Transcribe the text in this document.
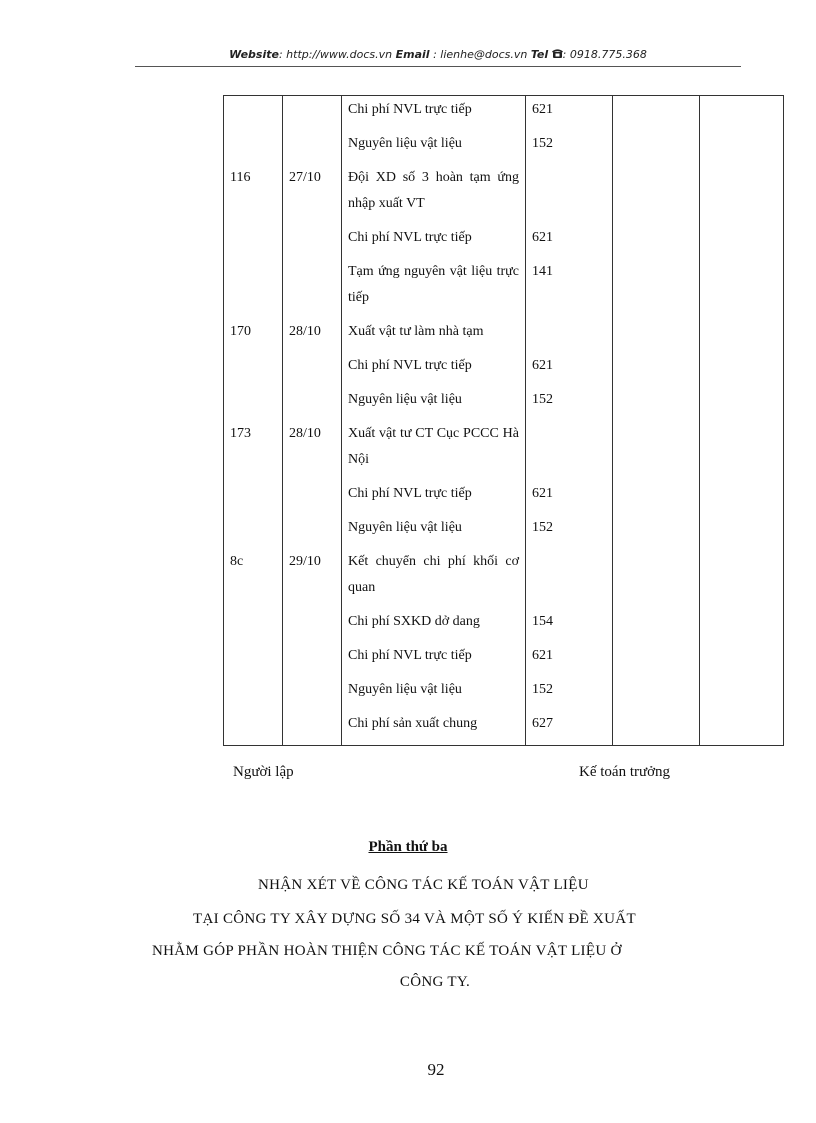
Website: http://www.docs.vn Email : lienhe@docs.vn Tel : 0918.775.368
		Chi phí NVL trực tiếp	621		
		Nguyên liệu vật liệu	152		
116	27/10	Đội XD số 3 hoàn tạm ứng nhập xuất VT			
		Chi phí NVL trực tiếp	621		
		Tạm ứng nguyên vật liệu trực tiếp	141		
170	28/10	Xuất vật tư làm nhà tạm			
		Chi phí NVL trực tiếp	621		
		Nguyên liệu vật liệu	152		
173	28/10	Xuất vật tư CT Cục PCCC Hà Nội			
		Chi phí NVL trực tiếp	621		
		Nguyên liệu vật liệu	152		
8c	29/10	Kết chuyển chi phí khối cơ quan			
		Chi phí SXKD dở dang	154		
		Chi phí NVL trực tiếp	621		
		Nguyên liệu vật liệu	152		
		Chi phí sản xuất chung	627		
Người lập	Kế toán trưởng
Phần thứ ba
NHẬN XÉT VỀ CÔNG TÁC KẾ TOÁN VẬT LIỆU
TẠI CÔNG TY XÂY DỰNG SỐ 34 VÀ MỘT SỐ Ý KIẾN ĐỀ XUẤT
NHẰM GÓP PHẦN HOÀN THIỆN CÔNG TÁC KẾ TOÁN VẬT LIỆU Ở
CÔNG TY.
92
